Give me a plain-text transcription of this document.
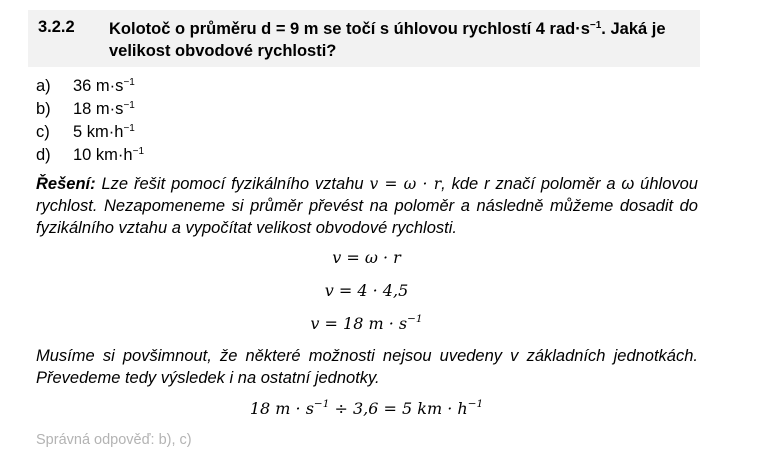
3.2.2 Kolotoč o průměru d = 9 m se točí s úhlovou rychlostí 4 $rad\cdot s^{-1}$. Jaká je velikost obvodové rychlosti?
a) 36 $m\cdot s^{-1}$
b) 18 $m\cdot s^{-1}$
c) 5 $km\cdot h^{-1}$
d) 10 $km\cdot h^{-1}$
Řešení: Lze řešit pomocí fyzikálního vztahu v = ω · r, kde r značí poloměr a ω úhlovou rychlost. Nezapomeneme si průměr převést na poloměr a následně můžeme dosadit do fyzikálního vztahu a vypočítat velikost obvodové rychlosti.
v = ω · r
v = 4 · 4,5
v = 18 $m \cdot s^{-1}$
Musíme si povšimnout, že některé možnosti nejsou uvedeny v základních jednotkách. Převedeme tedy výsledek i na ostatní jednotky.
18 $m \cdot s^{-1} \div 3,6 = 5$ km · $h^{-1}$
Správná odpověď: b), c)
